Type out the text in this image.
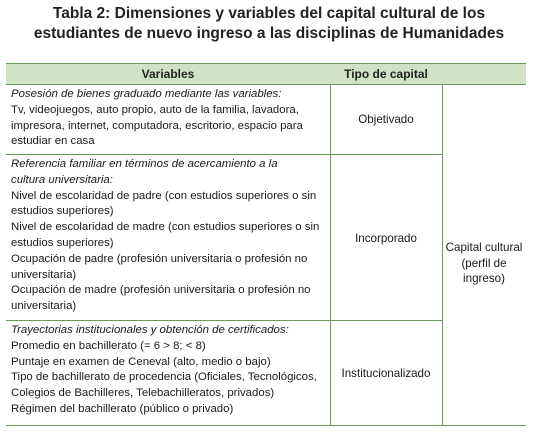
Tabla 2: Dimensiones y variables del capital cultural de los
estudiantes de nuevo ingreso a las disciplinas de Humanidades
Variables	Tipo de capital
Posesión de bienes graduado mediante las variables:
Tv, videojuegos, auto propio, auto de la familia, lavadora,
impresora, internet, computadora, escritorio, espacio para
estudiar en casa
Objetivado
Referencia familiar en términos de acercamiento a la
cultura universitaria:
Nivel de escolaridad de padre (con estudios superiores o sin
estudios superiores)
Nivel de escolaridad de madre (con estudios superiores o sin
estudios superiores)
Ocupación de padre (profesión universitaria o profesión no
universitaria)
Ocupación de madre (profesión universitaria o profesión no
universitaria)
Incorporado
Trayectorias institucionales y obtención de certificados:
Promedio en bachillerato (= 6 > 8; < 8)
Puntaje en examen de Ceneval (alto, medio o bajo)
Tipo de bachillerato de procedencia (Oficiales, Tecnológicos,
Colegios de Bachilleres, Telebachilleratos, privados)
Régimen del bachillerato (público o privado)
Institucionalizado
Capital cultural
(perfil de
ingreso)
